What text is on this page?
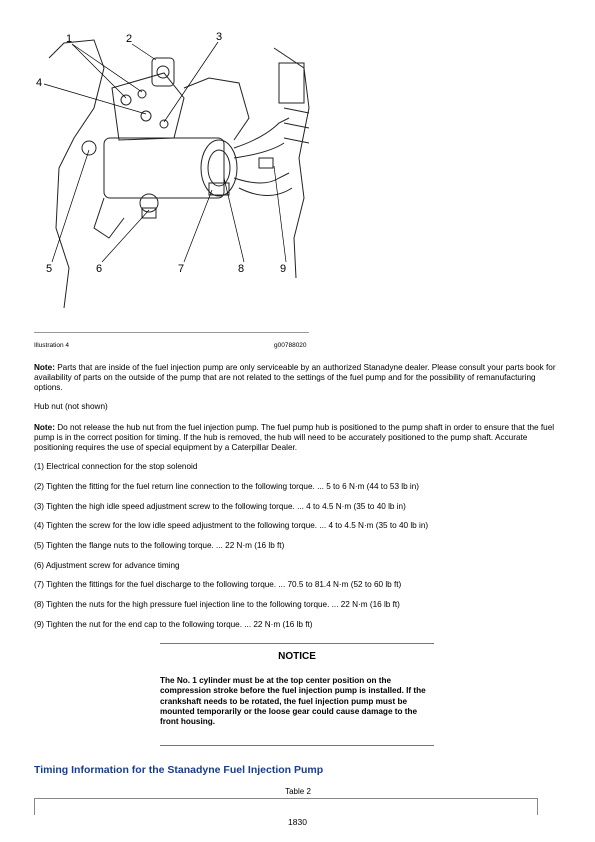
1	2	3
4
5	6	7	8	9
Illustration 4	g00788020

Note: Parts that are inside of the fuel injection pump are only serviceable by an authorized Stanadyne dealer. Please consult your parts book for availability of parts on the outside of the pump that are not related to the settings of the fuel pump and for the possibility of remanufacturing options.

Hub nut (not shown)

Note: Do not release the hub nut from the fuel injection pump. The fuel pump hub is positioned to the pump shaft in order to ensure that the fuel pump is in the correct position for timing. If the hub is removed, the hub will need to be accurately positioned to the pump shaft. Accurate positioning requires the use of special equipment by a Caterpillar Dealer.

(1) Electrical connection for the stop solenoid

(2) Tighten the fitting for the fuel return line connection to the following torque. ... 5 to 6 N·m (44 to 53 lb in)

(3) Tighten the high idle speed adjustment screw to the following torque. ... 4 to 4.5 N·m (35 to 40 lb in)

(4) Tighten the screw for the low idle speed adjustment to the following torque. ... 4 to 4.5 N·m (35 to 40 lb in)

(5) Tighten the flange nuts to the following torque. ... 22 N·m (16 lb ft)

(6) Adjustment screw for advance timing

(7) Tighten the fittings for the fuel discharge to the following torque. ... 70.5 to 81.4 N·m (52 to 60 lb ft)

(8) Tighten the nuts for the high pressure fuel injection line to the following torque. ... 22 N·m (16 lb ft)

(9) Tighten the nut for the end cap to the following torque. ... 22 N·m (16 lb ft)

NOTICE

The No. 1 cylinder must be at the top center position on the compression stroke before the fuel injection pump is installed. If the crankshaft needs to be rotated, the fuel injection pump must be mounted temporarily or the loose gear could cause damage to the front housing.

Timing Information for the Stanadyne Fuel Injection Pump
Table 2
1830
